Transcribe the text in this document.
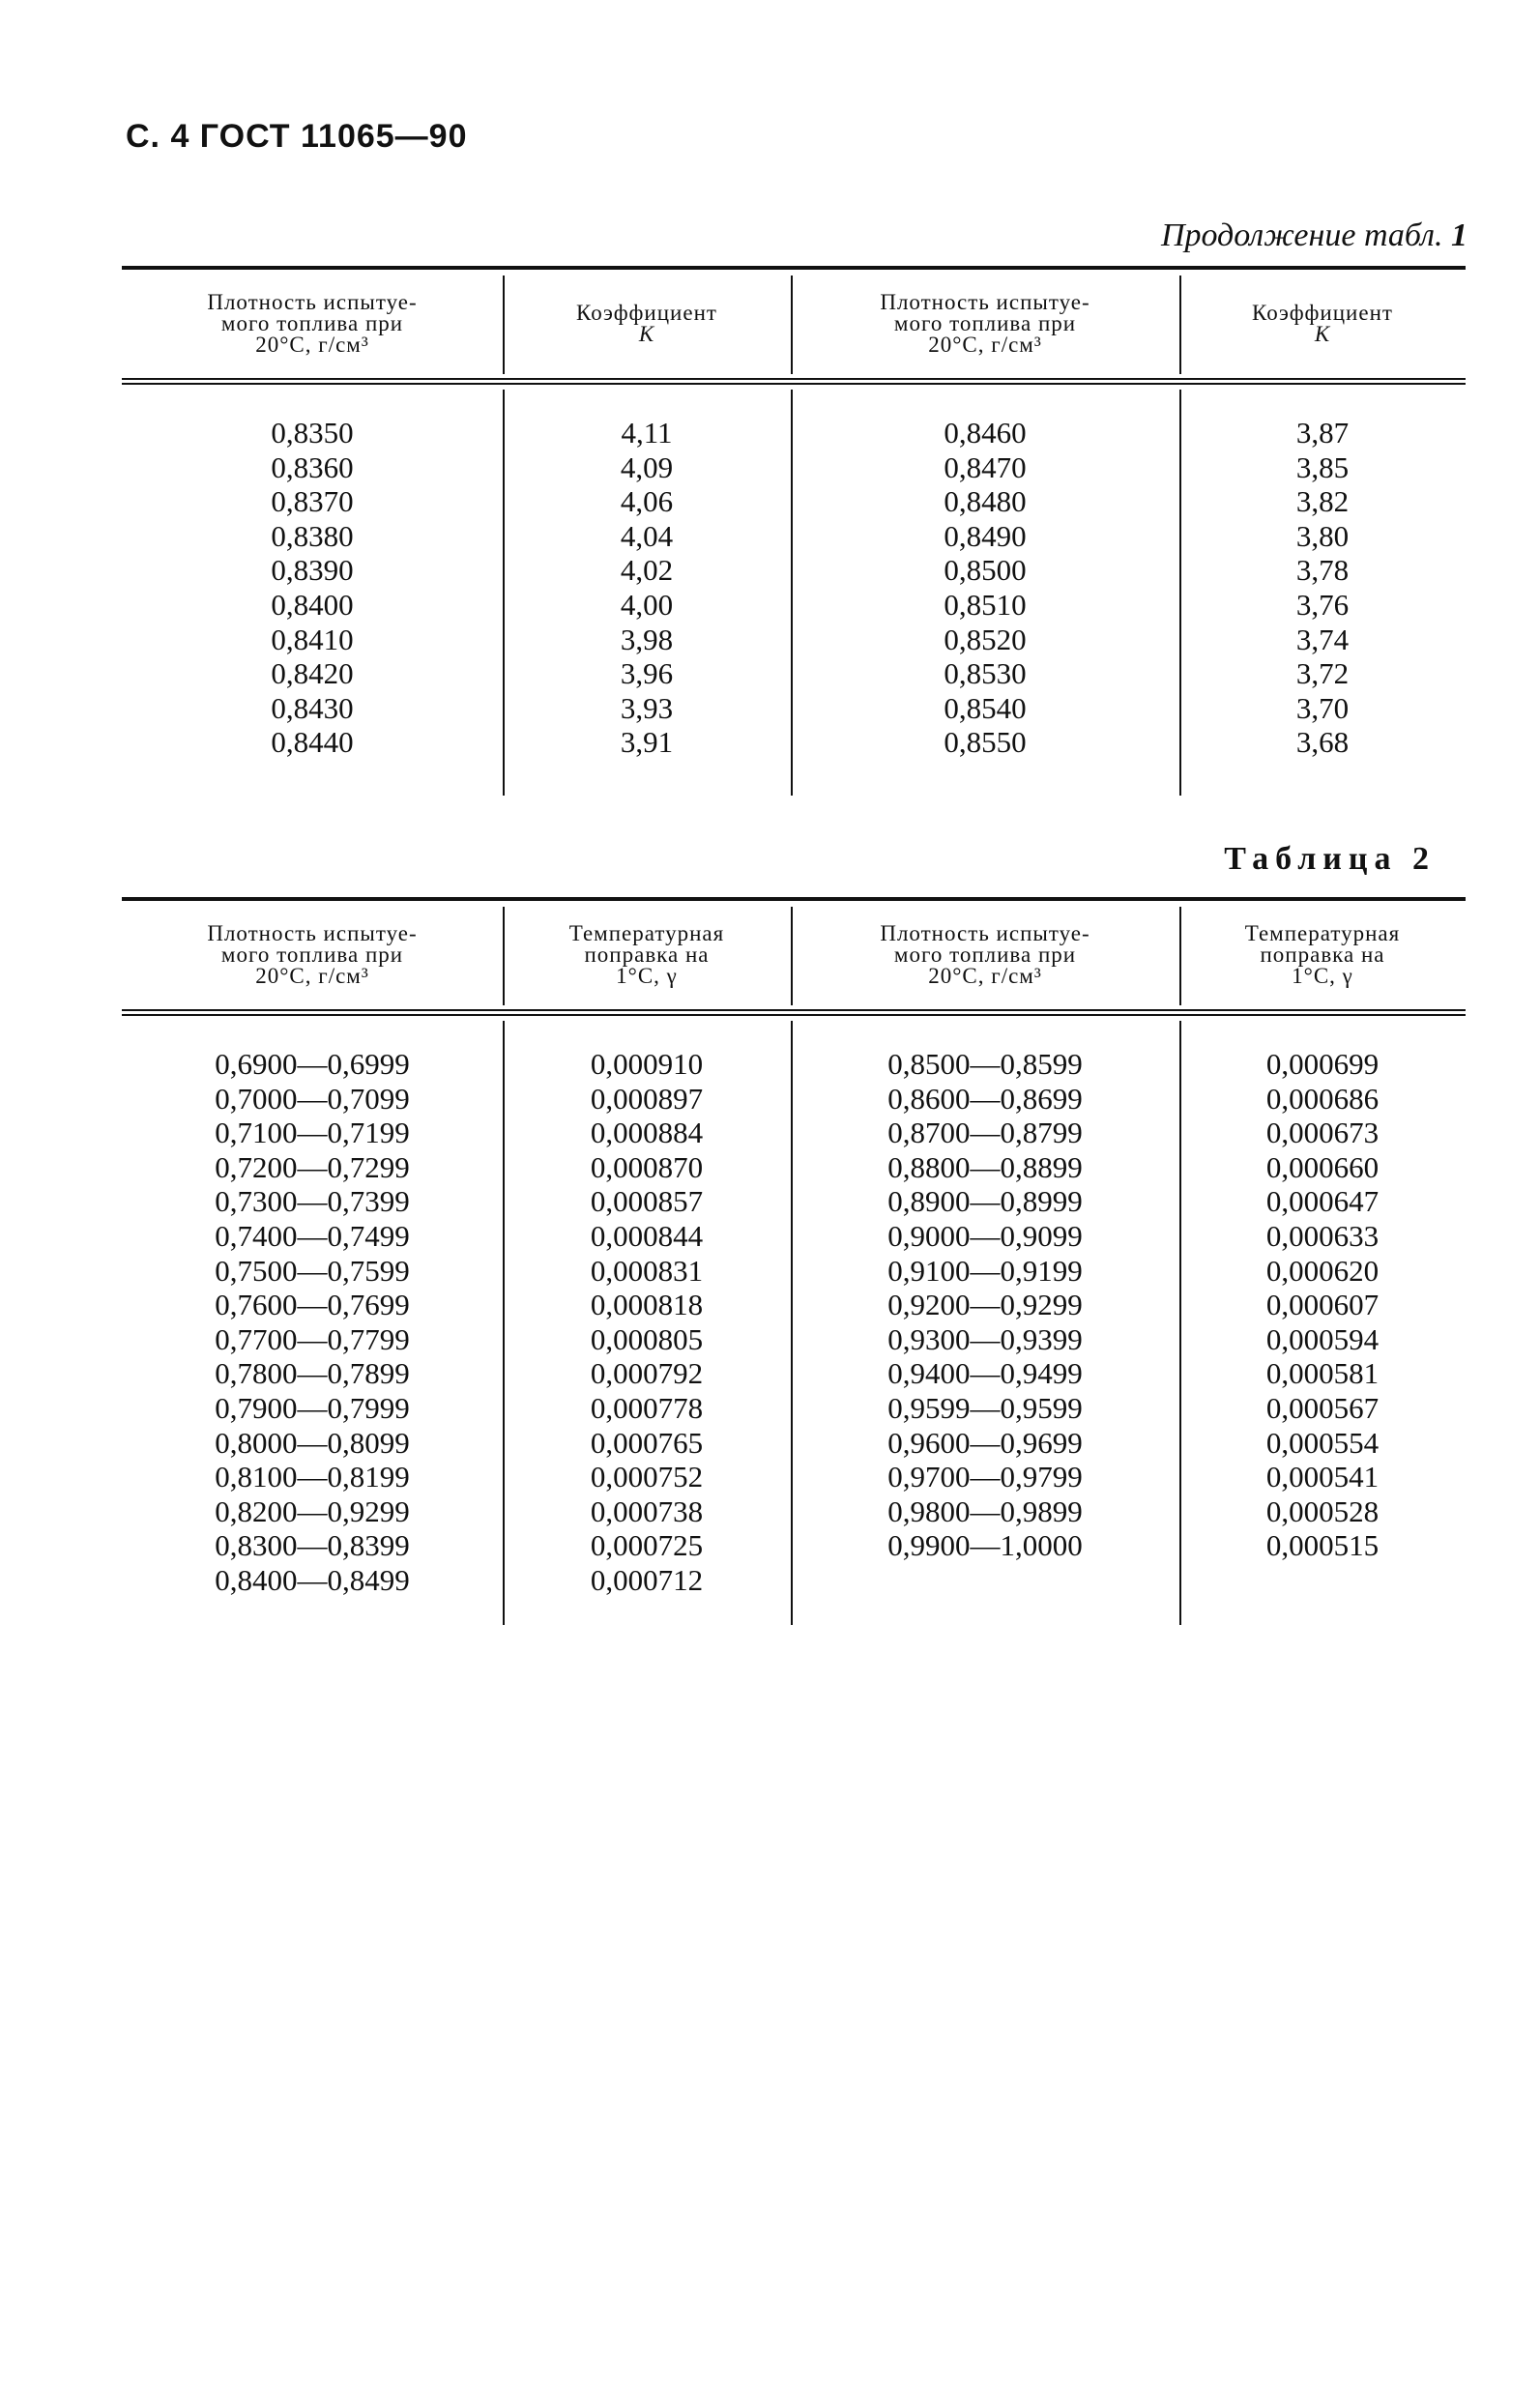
С. 4 ГОСТ 11065—90
Продолжение табл. 1
Плотность испытуе-
мого топлива при
20°С, г/см³
Коэффициент
К
Плотность испытуе-
мого топлива при
20°С, г/см³
Коэффициент
К
0,8350
0,8360
0,8370
0,8380
0,8390
0,8400
0,8410
0,8420
0,8430
0,8440
4,11
4,09
4,06
4,04
4,02
4,00
3,98
3,96
3,93
3,91
0,8460
0,8470
0,8480
0,8490
0,8500
0,8510
0,8520
0,8530
0,8540
0,8550
3,87
3,85
3,82
3,80
3,78
3,76
3,74
3,72
3,70
3,68
Таблица 2
Плотность испытуе-
мого топлива при
20°С, г/см³
Температурная
поправка на
1°С, γ
Плотность испытуе-
мого топлива при
20°С, г/см³
Температурная
поправка на
1°С, γ
0,6900—0,6999
0,7000—0,7099
0,7100—0,7199
0,7200—0,7299
0,7300—0,7399
0,7400—0,7499
0,7500—0,7599
0,7600—0,7699
0,7700—0,7799
0,7800—0,7899
0,7900—0,7999
0,8000—0,8099
0,8100—0,8199
0,8200—0,9299
0,8300—0,8399
0,8400—0,8499
0,000910
0,000897
0,000884
0,000870
0,000857
0,000844
0,000831
0,000818
0,000805
0,000792
0,000778
0,000765
0,000752
0,000738
0,000725
0,000712
0,8500—0,8599
0,8600—0,8699
0,8700—0,8799
0,8800—0,8899
0,8900—0,8999
0,9000—0,9099
0,9100—0,9199
0,9200—0,9299
0,9300—0,9399
0,9400—0,9499
0,9599—0,9599
0,9600—0,9699
0,9700—0,9799
0,9800—0,9899
0,9900—1,0000
0,000699
0,000686
0,000673
0,000660
0,000647
0,000633
0,000620
0,000607
0,000594
0,000581
0,000567
0,000554
0,000541
0,000528
0,000515
